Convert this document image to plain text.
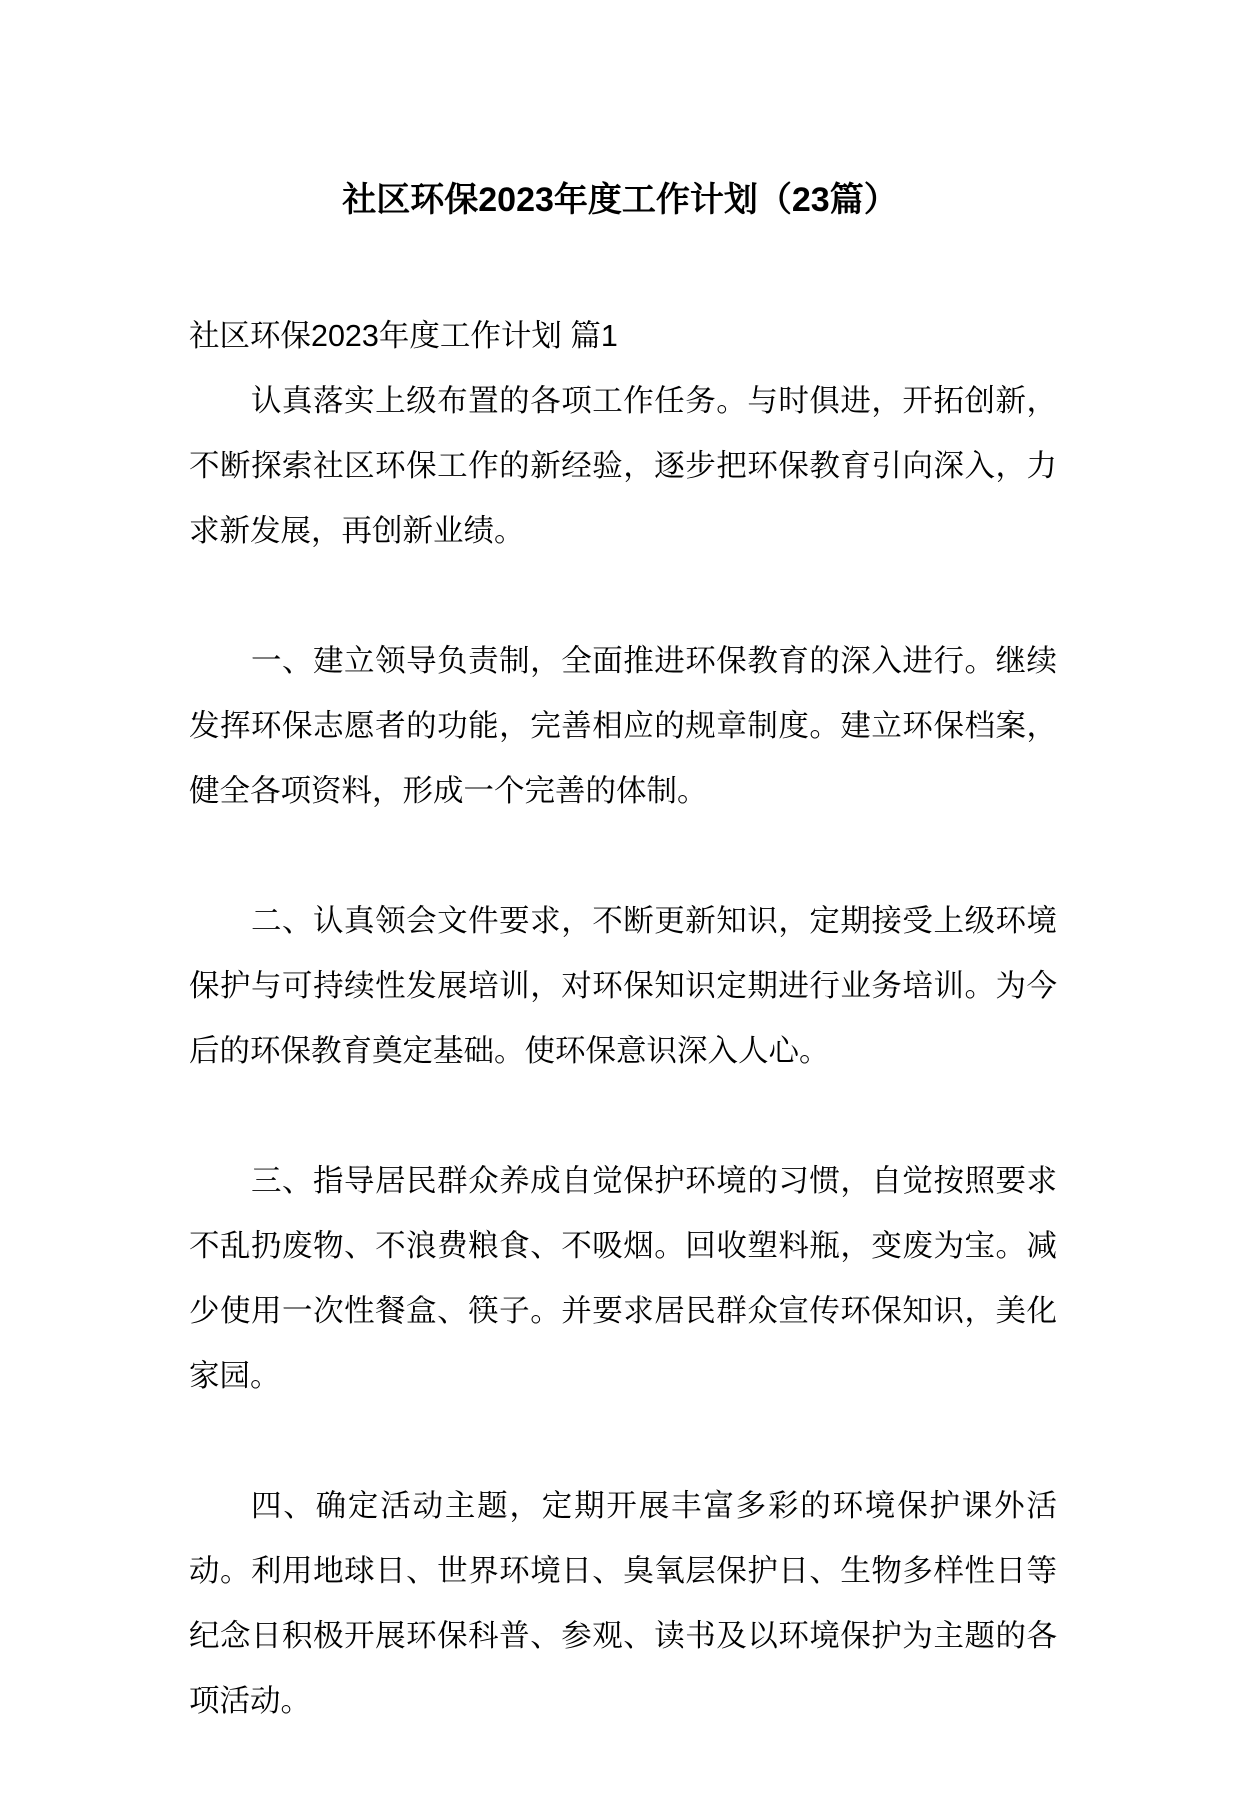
社区环保2023年度工作计划（23篇）

社区环保2023年度工作计划 篇1

认真落实上级布置的各项工作任务。与时俱进，开拓创新，不断探索社区环保工作的新经验，逐步把环保教育引向深入，力求新发展，再创新业绩。

一、建立领导负责制，全面推进环保教育的深入进行。继续发挥环保志愿者的功能，完善相应的规章制度。建立环保档案，健全各项资料，形成一个完善的体制。

二、认真领会文件要求，不断更新知识，定期接受上级环境保护与可持续性发展培训，对环保知识定期进行业务培训。为今后的环保教育奠定基础。使环保意识深入人心。

三、指导居民群众养成自觉保护环境的习惯，自觉按照要求不乱扔废物、不浪费粮食、不吸烟。回收塑料瓶，变废为宝。减少使用一次性餐盒、筷子。并要求居民群众宣传环保知识，美化家园。

四、确定活动主题，定期开展丰富多彩的环境保护课外活动。利用地球日、世界环境日、臭氧层保护日、生物多样性日等纪念日积极开展环保科普、参观、读书及以环境保护为主题的各项活动。
